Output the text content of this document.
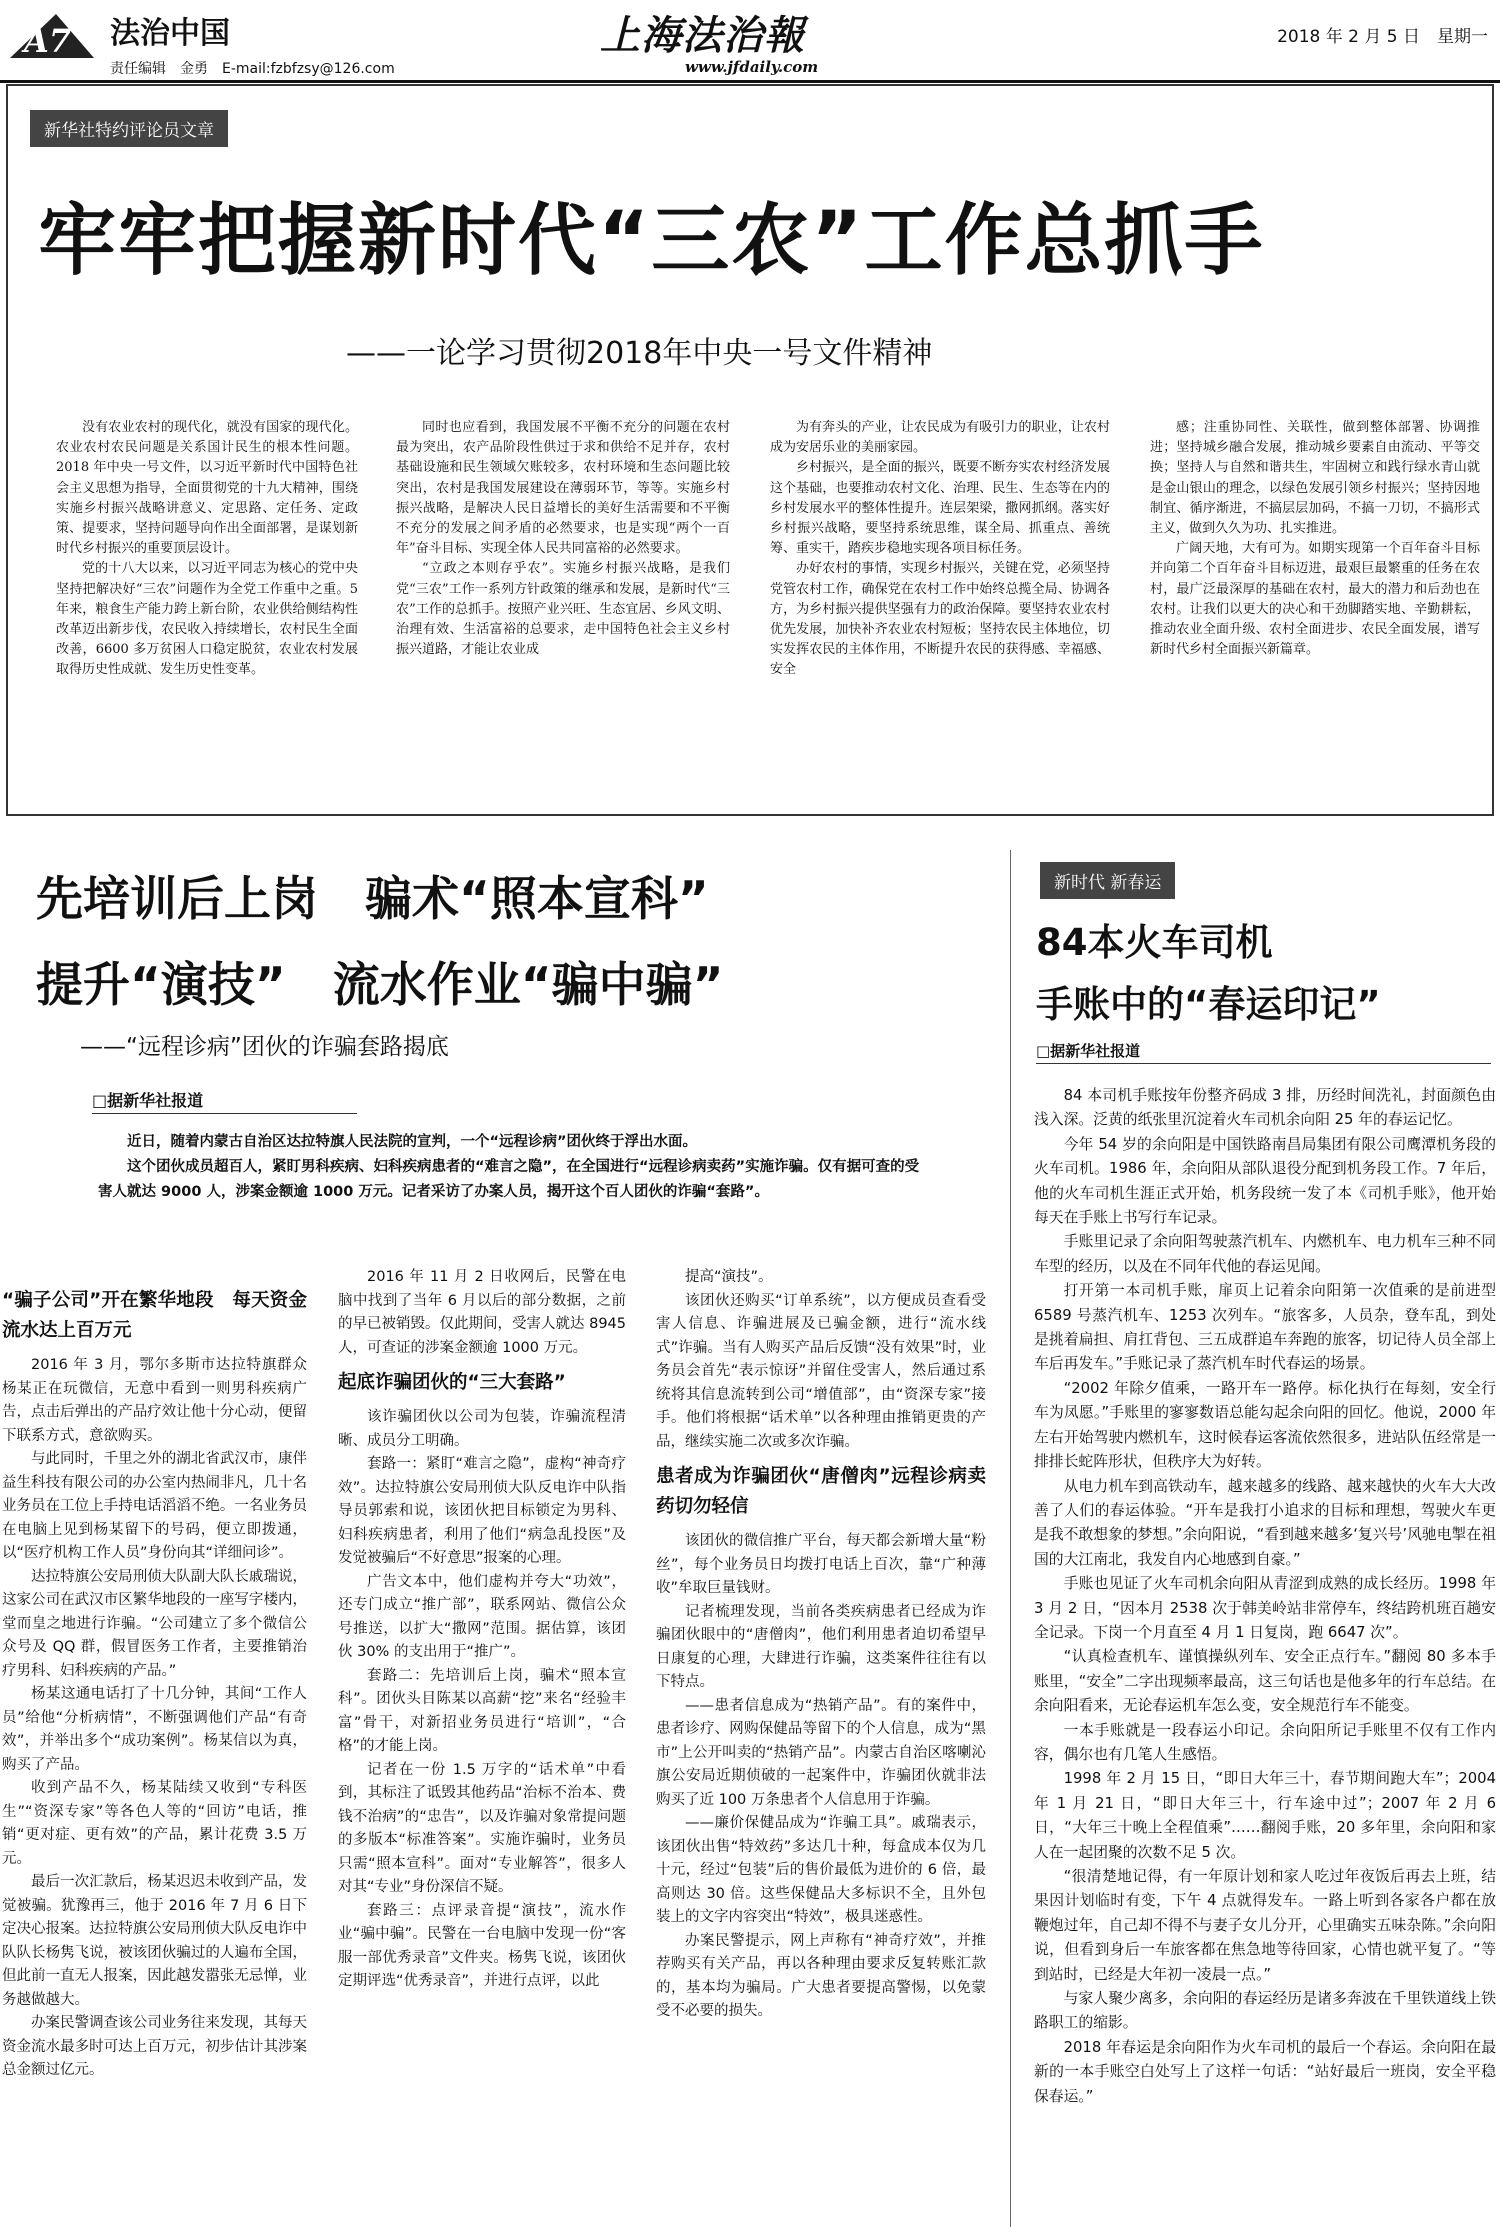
A7 法治中国
责任编辑　金勇　E-mail:fzbfzsy@126.com
上海法治報
www.jfdaily.com
2018 年 2 月 5 日　星期一
新华社特约评论员文章
牢牢把握新时代“三农”工作总抓手
——一论学习贯彻2018年中央一号文件精神

没有农业农村的现代化，就没有国家的现代化。农业农村农民问题是关系国计民生的根本性问题。2018 年中央一号文件，以习近平新时代中国特色社会主义思想为指导，全面贯彻党的十九大精神，围绕实施乡村振兴战略讲意义、定思路、定任务、定政策、提要求，坚持问题导向作出全面部署，是谋划新时代乡村振兴的重要顶层设计。

党的十八大以来，以习近平同志为核心的党中央坚持把解决好“三农”问题作为全党工作重中之重。5 年来，粮食生产能力跨上新台阶，农业供给侧结构性改革迈出新步伐，农民收入持续增长，农村民生全面改善，6600 多万贫困人口稳定脱贫，农业农村发展取得历史性成就、发生历史性变革。

同时也应看到，我国发展不平衡不充分的问题在农村最为突出，农产品阶段性供过于求和供给不足并存，农村基础设施和民生领域欠账较多，农村环境和生态问题比较突出，农村是我国发展建设在薄弱环节，等等。实施乡村振兴战略，是解决人民日益增长的美好生活需要和不平衡不充分的发展之间矛盾的必然要求，也是实现“两个一百年”奋斗目标、实现全体人民共同富裕的必然要求。

“立政之本则存乎农”。实施乡村振兴战略，是我们党“三农”工作一系列方针政策的继承和发展，是新时代“三农”工作的总抓手。按照产业兴旺、生态宜居、乡风文明、治理有效、生活富裕的总要求，走中国特色社会主义乡村振兴道路，才能让农业成

为有奔头的产业，让农民成为有吸引力的职业，让农村成为安居乐业的美丽家园。

乡村振兴，是全面的振兴，既要不断夯实农村经济发展这个基础，也要推动农村文化、治理、民生、生态等在内的乡村发展水平的整体性提升。连层架梁，撒网抓纲。落实好乡村振兴战略，要坚持系统思维，谋全局、抓重点、善统筹、重实干，踏疾步稳地实现各项目标任务。

办好农村的事情，实现乡村振兴，关键在党，必须坚持党管农村工作，确保党在农村工作中始终总揽全局、协调各方，为乡村振兴提供坚强有力的政治保障。要坚持农业农村优先发展，加快补齐农业农村短板；坚持农民主体地位，切实发挥农民的主体作用，不断提升农民的获得感、幸福感、安全

感；注重协同性、关联性，做到整体部署、协调推进；坚持城乡融合发展，推动城乡要素自由流动、平等交换；坚持人与自然和谐共生，牢固树立和践行绿水青山就是金山银山的理念，以绿色发展引领乡村振兴；坚持因地制宜、循序渐进，不搞层层加码，不搞一刀切，不搞形式主义，做到久久为功、扎实推进。

广阔天地，大有可为。如期实现第一个百年奋斗目标并向第二个百年奋斗目标迈进，最艰巨最繁重的任务在农村，最广泛最深厚的基础在农村，最大的潜力和后劲也在农村。让我们以更大的决心和干劲脚踏实地、辛勤耕耘，推动农业全面升级、农村全面进步、农民全面发展，谱写新时代乡村全面振兴新篇章。

先培训后上岗　骗术“照本宣科”
提升“演技”　流水作业“骗中骗”
——“远程诊病”团伙的诈骗套路揭底
□据新华社报道

近日，随着内蒙古自治区达拉特旗人民法院的宣判，一个“远程诊病”团伙终于浮出水面。

这个团伙成员超百人，紧盯男科疾病、妇科疾病患者的“难言之隐”，在全国进行“远程诊病卖药”实施诈骗。仅有据可查的受害人就达 9000 人，涉案金额逾 1000 万元。记者采访了办案人员，揭开这个百人团伙的诈骗“套路”。

“骗子公司”开在繁华地段　每天资金流水达上百万元

2016 年 3 月，鄂尔多斯市达拉特旗群众杨某正在玩微信，无意中看到一则男科疾病广告，点击后弹出的产品疗效让他十分心动，便留下联系方式，意欲购买。

与此同时，千里之外的湖北省武汉市，康伴益生科技有限公司的办公室内热闹非凡，几十名业务员在工位上手持电话滔滔不绝。一名业务员在电脑上见到杨某留下的号码，便立即拨通，以“医疗机构工作人员”身份向其“详细问诊”。

达拉特旗公安局刑侦大队副大队长戚瑞说，这家公司在武汉市区繁华地段的一座写字楼内，堂而皇之地进行诈骗。“公司建立了多个微信公众号及 QQ 群，假冒医务工作者，主要推销治疗男科、妇科疾病的产品。”

杨某这通电话打了十几分钟，其间“工作人员”给他“分析病情”，不断强调他们产品“有奇效”，并举出多个“成功案例”。杨某信以为真，购买了产品。

收到产品不久，杨某陆续又收到“专科医生”“资深专家”等各色人等的“回访”电话，推销“更对症、更有效”的产品，累计花费 3.5 万元。

最后一次汇款后，杨某迟迟未收到产品，发觉被骗。犹豫再三，他于 2016 年 7 月 6 日下定决心报案。达拉特旗公安局刑侦大队反电诈中队队长杨隽飞说，被该团伙骗过的人遍布全国，但此前一直无人报案，因此越发嚣张无忌惮，业务越做越大。

办案民警调查该公司业务往来发现，其每天资金流水最多时可达上百万元，初步估计其涉案总金额过亿元。

2016 年 11 月 2 日收网后，民警在电脑中找到了当年 6 月以后的部分数据，之前的早已被销毁。仅此期间，受害人就达 8945 人，可查证的涉案金额逾 1000 万元。

起底诈骗团伙的“三大套路”

该诈骗团伙以公司为包装，诈骗流程清晰、成员分工明确。

套路一：紧盯“难言之隐”，虚构“神奇疗效”。达拉特旗公安局刑侦大队反电诈中队指导员郭索和说，该团伙把目标锁定为男科、妇科疾病患者，利用了他们“病急乱投医”及发觉被骗后“不好意思”报案的心理。

广告文本中，他们虚构并夸大“功效”，还专门成立“推广部”，联系网站、微信公众号推送，以扩大“撒网”范围。据估算，该团伙 30% 的支出用于“推广”。

套路二：先培训后上岗，骗术“照本宣科”。团伙头目陈某以高薪“挖”来名“经验丰富”骨干，对新招业务员进行“培训”，“合格”的才能上岗。

记者在一份 1.5 万字的“话术单”中看到，其标注了诋毁其他药品“治标不治本、费钱不治病”的“忠告”，以及诈骗对象常提问题的多版本“标准答案”。实施诈骗时，业务员只需“照本宣科”。面对“专业解答”，很多人对其“专业”身份深信不疑。

套路三：点评录音提“演技”，流水作业“骗中骗”。民警在一台电脑中发现一份“客服一部优秀录音”文件夹。杨隽飞说，该团伙定期评选“优秀录音”，并进行点评，以此

提高“演技”。

该团伙还购买“订单系统”，以方便成员查看受害人信息、诈骗进展及已骗金额，进行“流水线式”诈骗。当有人购买产品后反馈“没有效果”时，业务员会首先“表示惊讶”并留住受害人，然后通过系统将其信息流转到公司“增值部”，由“资深专家”接手。他们将根据“话术单”以各种理由推销更贵的产品，继续实施二次或多次诈骗。

患者成为诈骗团伙“唐僧肉”远程诊病卖药切勿轻信

该团伙的微信推广平台，每天都会新增大量“粉丝”，每个业务员日均拨打电话上百次，靠“广种薄收”牟取巨量钱财。

记者梳理发现，当前各类疾病患者已经成为诈骗团伙眼中的“唐僧肉”，他们利用患者迫切希望早日康复的心理，大肆进行诈骗，这类案件往往有以下特点。

——患者信息成为“热销产品”。有的案件中，患者诊疗、网购保健品等留下的个人信息，成为“黑市”上公开叫卖的“热销产品”。内蒙古自治区喀喇沁旗公安局近期侦破的一起案件中，诈骗团伙就非法购买了近 100 万条患者个人信息用于诈骗。

——廉价保健品成为“诈骗工具”。戚瑞表示，该团伙出售“特效药”多达几十种，每盒成本仅为几十元，经过“包装”后的售价最低为进价的 6 倍，最高则达 30 倍。这些保健品大多标识不全，且外包装上的文字内容突出“特效”，极具迷惑性。

办案民警提示，网上声称有“神奇疗效”，并推荐购买有关产品，再以各种理由要求反复转账汇款的，基本均为骗局。广大患者要提高警惕，以免蒙受不必要的损失。

新时代 新春运
84本火车司机
手账中的“春运印记”
□据新华社报道

84 本司机手账按年份整齐码成 3 排，历经时间洗礼，封面颜色由浅入深。泛黄的纸张里沉淀着火车司机余向阳 25 年的春运记忆。

今年 54 岁的余向阳是中国铁路南昌局集团有限公司鹰潭机务段的火车司机。1986 年，余向阳从部队退役分配到机务段工作。7 年后，他的火车司机生涯正式开始，机务段统一发了本《司机手账》，他开始每天在手账上书写行车记录。

手账里记录了余向阳驾驶蒸汽机车、内燃机车、电力机车三种不同车型的经历，以及在不同年代他的春运见闻。

打开第一本司机手账，扉页上记着余向阳第一次值乘的是前进型 6589 号蒸汽机车、1253 次列车。“旅客多，人员杂，登车乱，到处是挑着扁担、肩扛背包、三五成群追车奔跑的旅客，切记待人员全部上车后再发车。”手账记录了蒸汽机车时代春运的场景。

“2002 年除夕值乘，一路开车一路停。标化执行在每刻，安全行车为凤愿。”手账里的寥寥数语总能勾起余向阳的回忆。他说，2000 年左右开始驾驶内燃机车，这时候春运客流依然很多，进站队伍经常是一排排长蛇阵形状，但秩序大为好转。

从电力机车到高铁动车，越来越多的线路、越来越快的火车大大改善了人们的春运体验。“开车是我打小追求的目标和理想，驾驶火车更是我不敢想象的梦想。”余向阳说，“看到越来越多‘复兴号’风驰电掣在祖国的大江南北，我发自内心地感到自豪。”

手账也见证了火车司机余向阳从青涩到成熟的成长经历。1998 年 3 月 2 日，“因本月 2538 次于韩美岭站非常停车，终结跨机班百趟安全记录。下岗一个月直至 4 月 1 日复岗，跑 6647 次”。

“认真检查机车、谨慎操纵列车、安全正点行车。”翻阅 80 多本手账里，“安全”二字出现频率最高，这三句话也是他多年的行车总结。在余向阳看来，无论春运机车怎么变，安全规范行车不能变。

一本手账就是一段春运小印记。余向阳所记手账里不仅有工作内容，偶尔也有几笔人生感悟。

1998 年 2 月 15 日，“即日大年三十，春节期间跑大车”；2004 年 1 月 21 日，“即日大年三十，行车途中过”；2007 年 2 月 6 日，“大年三十晚上全程值乘”……翻阅手账，20 多年里，余向阳和家人在一起团聚的次数不足 5 次。

“很清楚地记得，有一年原计划和家人吃过年夜饭后再去上班，结果因计划临时有变，下午 4 点就得发车。一路上听到各家各户都在放鞭炮过年，自己却不得不与妻子女儿分开，心里确实五味杂陈。”余向阳说，但看到身后一车旅客都在焦急地等待回家，心情也就平复了。“等到站时，已经是大年初一凌晨一点。”

与家人聚少离多，余向阳的春运经历是诸多奔波在千里铁道线上铁路职工的缩影。

2018 年春运是余向阳作为火车司机的最后一个春运。余向阳在最新的一本手账空白处写上了这样一句话：“站好最后一班岗，安全平稳保春运。”
